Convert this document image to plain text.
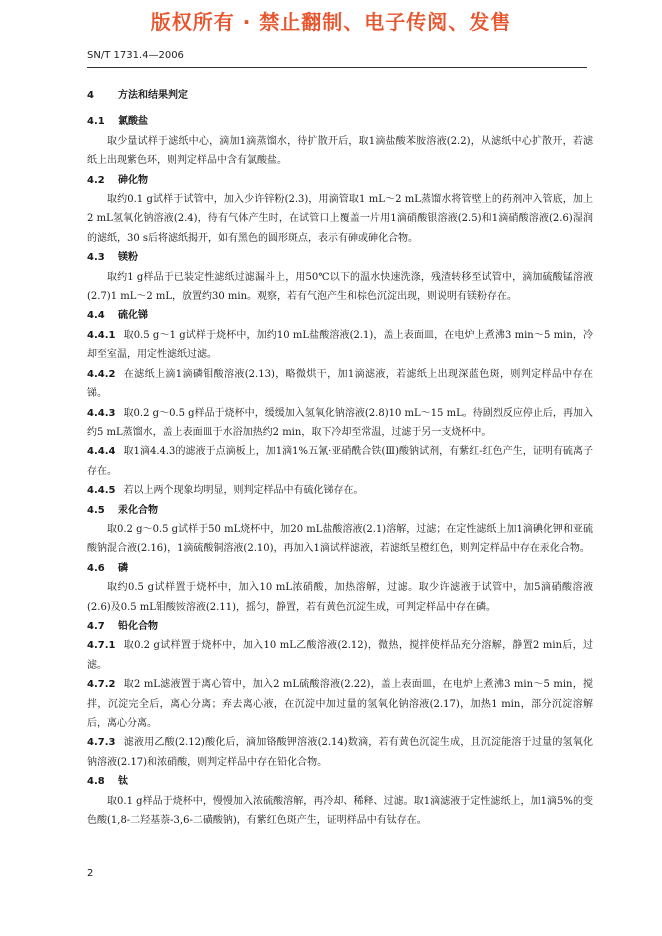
版权所有 · 禁止翻制、电子传阅、发售
SN/T 1731.4—2006
4 方法和结果判定
4.1 氯酸盐
取少量试样于滤纸中心，滴加1滴蒸馏水，待扩散开后，取1滴盐酸苯胺溶液(2.2)，从滤纸中心扩散开，若滤纸上出现紫色环，则判定样品中含有氯酸盐。
4.2 砷化物
取约0.1 g试样于试管中，加入少许锌粉(2.3)，用滴管取1 mL～2 mL蒸馏水将管壁上的药剂冲入管底，加上2 mL氢氧化钠溶液(2.4)，待有气体产生时，在试管口上覆盖一片用1滴硝酸银溶液(2.5)和1滴硝酸溶液(2.6)湿润的滤纸，30 s后将滤纸揭开，如有黑色的圆形斑点，表示有砷或砷化合物。
4.3 镁粉
取约1 g样品于已装定性滤纸过滤漏斗上，用50℃以下的温水快速洗涤，残渣转移至试管中，滴加硫酸锰溶液(2.7)1 mL～2 mL，放置约30 min。观察，若有气泡产生和棕色沉淀出现，则说明有镁粉存在。
4.4 硫化锑
4.4.1 取0.5 g～1 g试样于烧杯中，加约10 mL盐酸溶液(2.1)，盖上表面皿，在电炉上煮沸3 min～5 min，冷却至室温，用定性滤纸过滤。
4.4.2 在滤纸上滴1滴磷钼酸溶液(2.13)，略微烘干，加1滴滤液，若滤纸上出现深蓝色斑，则判定样品中存在锑。
4.4.3 取0.2 g～0.5 g样品于烧杯中，缓缓加入氢氧化钠溶液(2.8)10 mL～15 mL。待剧烈反应停止后，再加入约5 mL蒸馏水，盖上表面皿于水浴加热约2 min，取下冷却至常温，过滤于另一支烧杯中。
4.4.4 取1滴4.4.3的滤液于点滴板上，加1滴1%五氰·亚硝酰合铁(Ⅲ)酸钠试剂，有紫红-红色产生，证明有硫离子存在。
4.4.5 若以上两个现象均明显，则判定样品中有硫化锑存在。
4.5 汞化合物
取0.2 g～0.5 g试样于50 mL烧杯中，加20 mL盐酸溶液(2.1)溶解，过滤；在定性滤纸上加1滴碘化钾和亚硫酸钠混合液(2.16)，1滴硫酸铜溶液(2.10)，再加入1滴试样滤液，若滤纸呈橙红色，则判定样品中存在汞化合物。
4.6 磷
取约0.5 g试样置于烧杯中，加入10 mL浓硝酸，加热溶解，过滤。取少许滤液于试管中，加5滴硝酸溶液(2.6)及0.5 mL钼酸铵溶液(2.11)，摇匀，静置，若有黄色沉淀生成，可判定样品中存在磷。
4.7 铅化合物
4.7.1 取0.2 g试样置于烧杯中，加入10 mL乙酸溶液(2.12)，微热，搅拌使样品充分溶解，静置2 min后，过滤。
4.7.2 取2 mL滤液置于离心管中，加入2 mL硫酸溶液(2.22)，盖上表面皿，在电炉上煮沸3 min～5 min，搅拌，沉淀完全后，离心分离；弃去离心液，在沉淀中加过量的氢氧化钠溶液(2.17)，加热1 min，部分沉淀溶解后，离心分离。
4.7.3 滤液用乙酸(2.12)酸化后，滴加铬酸钾溶液(2.14)数滴，若有黄色沉淀生成，且沉淀能溶于过量的氢氧化钠溶液(2.17)和浓硝酸，则判定样品中存在铅化合物。
4.8 钛
取0.1 g样品于烧杯中，慢慢加入浓硫酸溶解，再冷却、稀释、过滤。取1滴滤液于定性滤纸上，加1滴5%的变色酸(1,8-二羟基萘-3,6-二磺酸钠)，有紫红色斑产生，证明样品中有钛存在。
2
